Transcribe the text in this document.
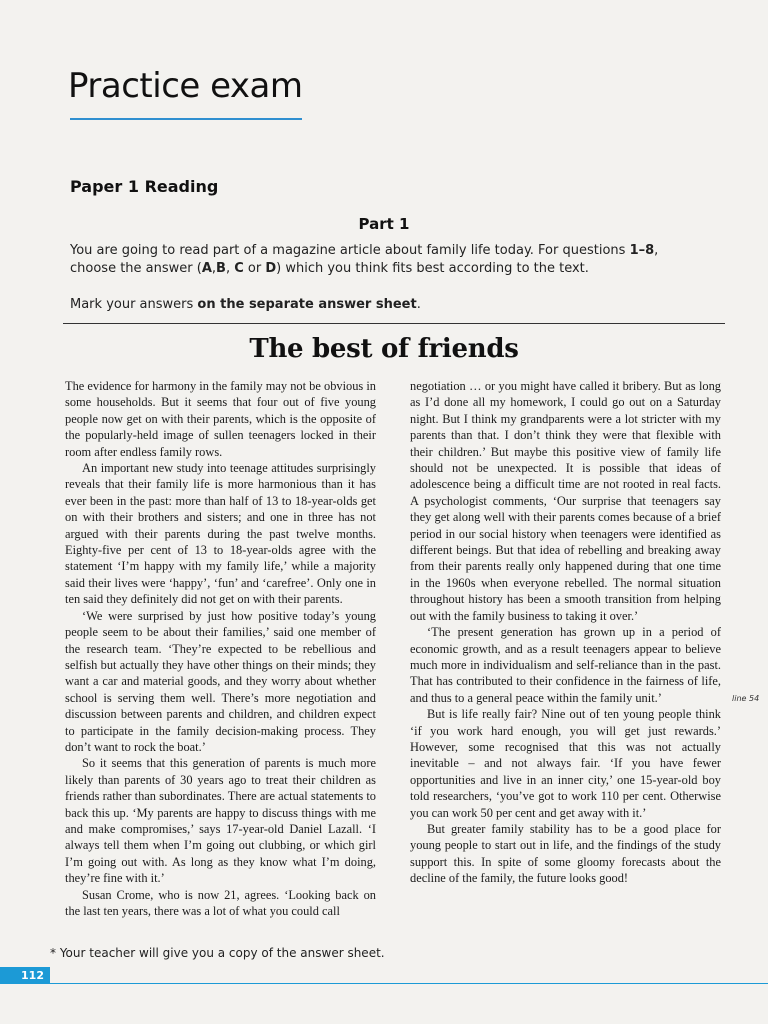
Practice exam
Paper 1 Reading
Part 1
You are going to read part of a magazine article about family life today. For questions 1–8, choose the answer (A,B, C or D) which you think fits best according to the text.
Mark your answers on the separate answer sheet.
The best of friends

The evidence for harmony in the family may not be obvious in some households. But it seems that four out of five young people now get on with their parents, which is the opposite of the popularly-held image of sullen teenagers locked in their room after endless family rows.

An important new study into teenage attitudes surprisingly reveals that their family life is more harmonious than it has ever been in the past: more than half of 13 to 18-year-olds get on with their brothers and sisters; and one in three has not argued with their parents during the past twelve months. Eighty-five per cent of 13 to 18-year-olds agree with the statement ‘I’m happy with my family life,’ while a majority said their lives were ‘happy’, ‘fun’ and ‘carefree’. Only one in ten said they definitely did not get on with their parents.

‘We were surprised by just how positive today’s young people seem to be about their families,’ said one member of the research team. ‘They’re expected to be rebellious and selfish but actually they have other things on their minds; they want a car and material goods, and they worry about whether school is serving them well. There’s more negotiation and discussion between parents and children, and children expect to participate in the family decision-making process. They don’t want to rock the boat.’

So it seems that this generation of parents is much more likely than parents of 30 years ago to treat their children as friends rather than subordinates. There are actual statements to back this up. ‘My parents are happy to discuss things with me and make compromises,’ says 17-year-old Daniel Lazall. ‘I always tell them when I’m going out clubbing, or which girl I’m going out with. As long as they know what I’m doing, they’re fine with it.’

Susan Crome, who is now 21, agrees. ‘Looking back on the last ten years, there was a lot of what you could call

negotiation … or you might have called it bribery. But as long as I’d done all my homework, I could go out on a Saturday night. But I think my grandparents were a lot stricter with my parents than that. I don’t think they were that flexible with their children.’ But maybe this positive view of family life should not be unexpected. It is possible that ideas of adolescence being a difficult time are not rooted in real facts. A psychologist comments, ‘Our surprise that teenagers say they get along well with their parents comes because of a brief period in our social history when teenagers were identified as different beings. But that idea of rebelling and breaking away from their parents really only happened during that one time in the 1960s when everyone rebelled. The normal situation throughout history has been a smooth transition from helping out with the family business to taking it over.’

‘The present generation has grown up in a period of economic growth, and as a result teenagers appear to believe much more in individualism and self-reliance than in the past. That has contributed to their confidence in the fairness of life, and thus to a general peace within the family unit.’

But is life really fair? Nine out of ten young people think ‘if you work hard enough, you will get just rewards.’ However, some recognised that this was not actually inevitable – and not always fair. ‘If you have fewer opportunities and live in an inner city,’ one 15-year-old boy told researchers, ‘you’ve got to work 110 per cent. Otherwise you can work 50 per cent and get away with it.’

But greater family stability has to be a good place for young people to start out in life, and the findings of the study support this. In spite of some gloomy forecasts about the decline of the family, the future looks good!

line 54
* Your teacher will give you a copy of the answer sheet.
112
